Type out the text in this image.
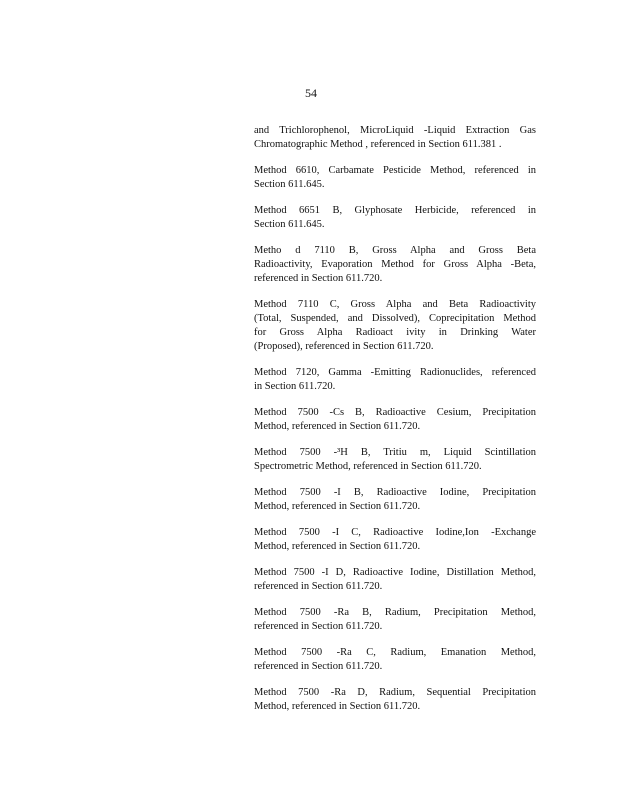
54
and Trichlorophenol, MicroLiquid -Liquid Extraction Gas
Chromatographic Method , referenced in Section 611.381 .
Method 6610, Carbamate Pesticide Method, referenced in
Section 611.645.
Method 6651 B, Glyphosate Herbicide, referenced in
Section 611.645.
Metho d 7110 B, Gross Alpha and Gross Beta
Radioactivity, Evaporation Method for Gross Alpha -Beta,
referenced in Section 611.720.
Method 7110 C, Gross Alpha and Beta Radioactivity
(Total, Suspended, and Dissolved), Coprecipitation Method
for Gross Alpha Radioact ivity in Drinking Water
(Proposed), referenced in Section 611.720.
Method 7120, Gamma -Emitting Radionuclides, referenced
in Section 611.720.
Method 7500 -Cs B, Radioactive Cesium, Precipitation
Method, referenced in Section 611.720.
Method 7500 -³H B, Tritiu m, Liquid Scintillation
Spectrometric Method, referenced in Section 611.720.
Method 7500 -I B, Radioactive Iodine, Precipitation
Method, referenced in Section 611.720.
Method 7500 -I C, Radioactive Iodine,Ion -Exchange
Method, referenced in Section 611.720.
Method 7500 -I D, Radioactive Iodine, Distillation Method,
referenced in Section 611.720.
Method 7500 -Ra B, Radium, Precipitation Method,
referenced in Section 611.720.
Method 7500 -Ra C, Radium, Emanation Method,
referenced in Section 611.720.
Method 7500 -Ra D, Radium, Sequential Precipitation
Method, referenced in Section 611.720.
